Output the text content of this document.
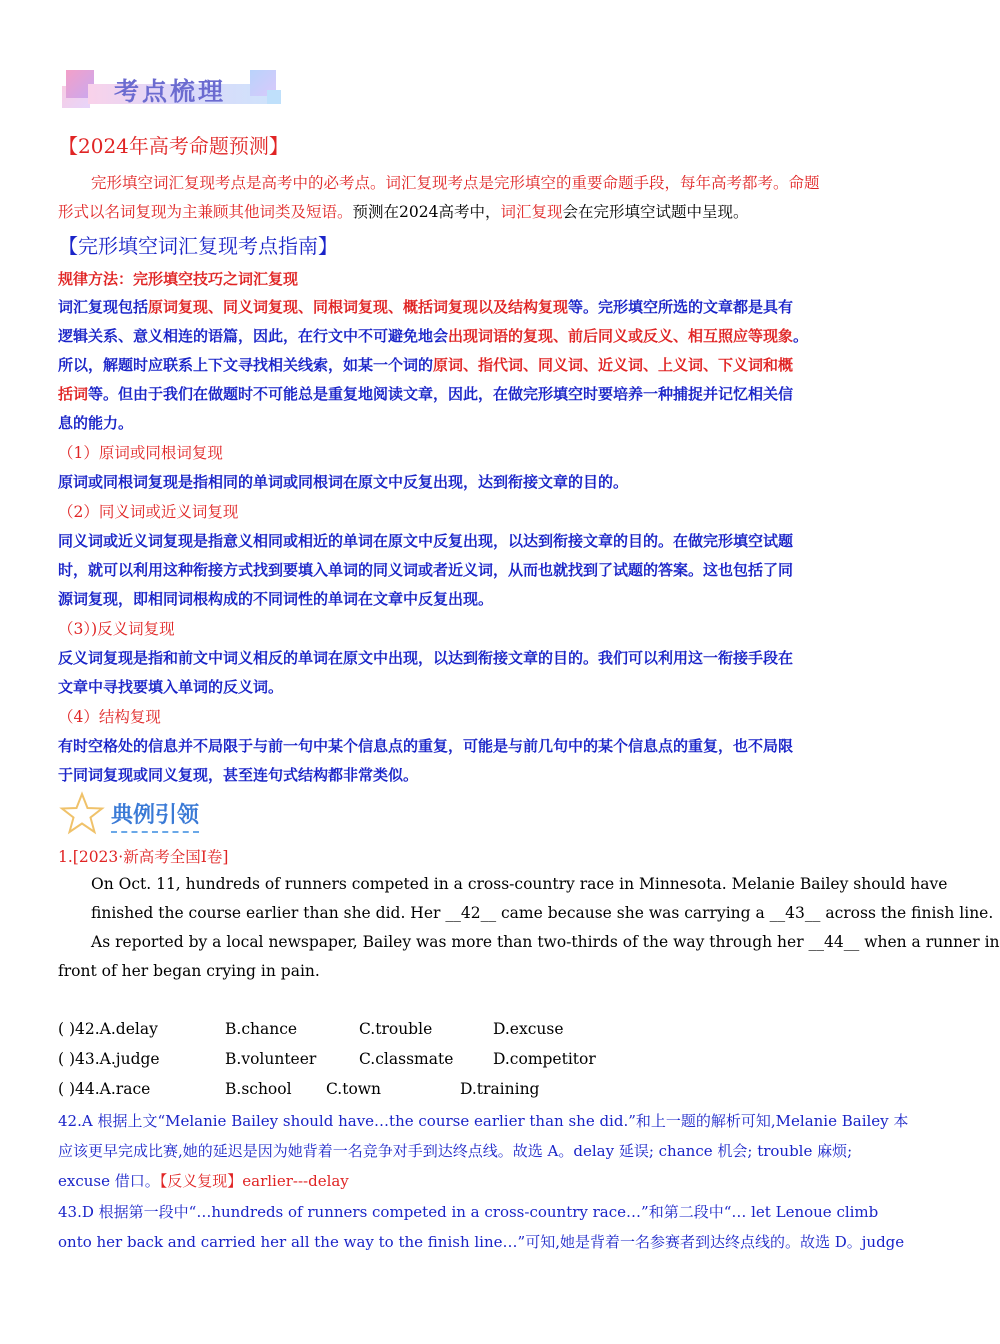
考点梳理
【2024年高考命题预测】
完形填空词汇复现考点是高考中的必考点。词汇复现考点是完形填空的重要命题手段，每年高考都考。命题
形式以名词复现为主兼顾其他词类及短语。预测在2024高考中，词汇复现会在完形填空试题中呈现。
【完形填空词汇复现考点指南】
规律方法：完形填空技巧之词汇复现
词汇复现包括原词复现、同义词复现、同根词复现、概括词复现以及结构复现等。完形填空所选的文章都是具有
逻辑关系、意义相连的语篇，因此，在行文中不可避免地会出现词语的复现、前后同义或反义、相互照应等现象。
所以，解题时应联系上下文寻找相关线索，如某一个词的原词、指代词、同义词、近义词、上义词、下义词和概
括词等。但由于我们在做题时不可能总是重复地阅读文章，因此，在做完形填空时要培养一种捕捉并记忆相关信
息的能力。
（1）原词或同根词复现
原词或同根词复现是指相同的单词或同根词在原文中反复出现，达到衔接文章的目的。
（2）同义词或近义词复现
同义词或近义词复现是指意义相同或相近的单词在原文中反复出现，以达到衔接文章的目的。在做完形填空试题
时，就可以利用这种衔接方式找到要填入单词的同义词或者近义词，从而也就找到了试题的答案。这也包括了同
源词复现，即相同词根构成的不同词性的单词在文章中反复出现。
（3）)反义词复现
反义词复现是指和前文中词义相反的单词在原文中出现，以达到衔接文章的目的。我们可以利用这一衔接手段在
文章中寻找要填入单词的反义词。
（4）结构复现
有时空格处的信息并不局限于与前一句中某个信息点的重复，可能是与前几句中的某个信息点的重复，也不局限
于同词复现或同义复现，甚至连句式结构都非常类似。
典例引领
1.[2023·新高考全国Ⅰ卷]
On Oct. 11, hundreds of runners competed in a cross-country race in Minnesota. Melanie Bailey should have
finished the course earlier than she did. Her __42__ came because she was carrying a __43__ across the finish line.
As reported by a local newspaper, Bailey was more than two-thirds of the way through her __44__ when a runner in
front of her began crying in pain.
( )42.A.delay	B.chance	C.trouble	D.excuse
( )43.A.judge	B.volunteer	C.classmate	D.competitor
( )44.A.race	B.school C.town	D.training
42.A 根据上文“Melanie Bailey should have…the course earlier than she did.”和上一题的解析可知,Melanie Bailey 本
应该更早完成比赛,她的延迟是因为她背着一名竞争对手到达终点线。故选 A。delay 延误; chance 机会; trouble 麻烦;
excuse 借口。【反义复现】earlier---delay
43.D 根据第一段中“…hundreds of runners competed in a cross-country race…”和第二段中“… let Lenoue climb
onto her back and carried her all the way to the finish line…”可知,她是背着一名参赛者到达终点线的。故选 D。judge
